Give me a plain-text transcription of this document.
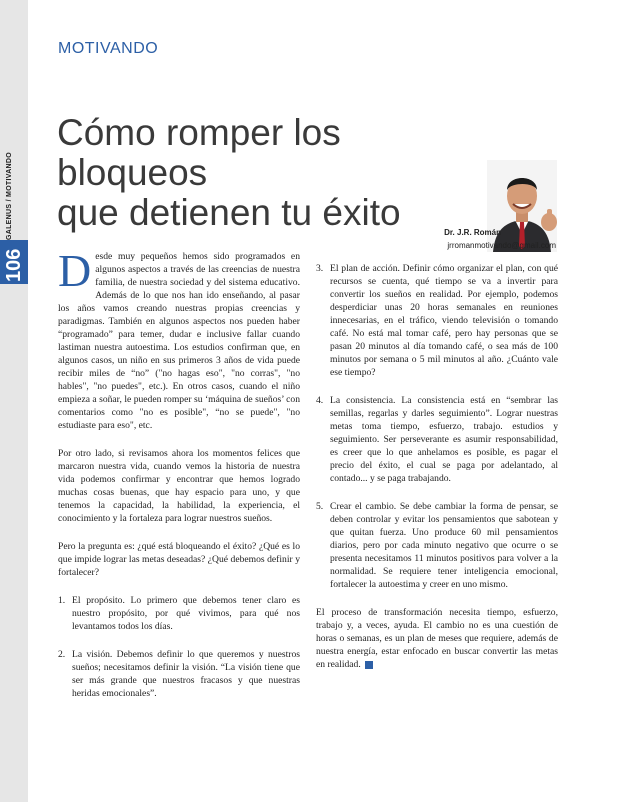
GALENUS / MOTIVANDO
106
MOTIVANDO
Cómo romper los bloqueos
que detienen tu éxito	Dr. J.R. Román
jrromanmotivando@gmail.com

Desde muy pequeños hemos sido programados en algunos aspectos a través de las creencias de nuestra familia, de nuestra sociedad y del sistema educativo. Además de lo que nos han ido enseñando, al pasar los años vamos creando nuestras propias creencias y paradigmas. También en algunos aspectos nos pueden haber “programado” para temer, dudar e inclusive fallar cuando lastiman nuestra autoestima. Los estudios confirman que, en algunos casos, un niño en sus primeros 3 años de vida puede recibir miles de “no” ("no hagas eso", "no corras", "no hables", "no puedes", etc.). En otros casos, cuando el niño empieza a soñar, le pueden romper su ‘máquina de sueños’ con comentarios como "no es posible", “no se puede", "no estudiaste para eso", etc.

Por otro lado, si revisamos ahora los momentos felices que marcaron nuestra vida, cuando vemos la historia de nuestra vida podemos confirmar y encontrar que hemos logrado muchas cosas buenas, que hay espacio para uno, y que tenemos la capacidad, la habilidad, la experiencia, el conocimiento y la fortaleza para lograr nuestros sueños.

Pero la pregunta es: ¿qué está bloqueando el éxito? ¿Qué es lo que impide lograr las metas deseadas? ¿Qué debemos definir y fortalecer?

1. El propósito. Lo primero que debemos tener claro es nuestro propósito, por qué vivimos, para qué nos levantamos todos los días.
2. La visión. Debemos definir lo que queremos y nuestros sueños; necesitamos definir la visión. “La visión tiene que ser más grande que nuestros fracasos y que nuestras heridas emocionales”.
3. El plan de acción. Definir cómo organizar el plan, con qué recursos se cuenta, qué tiempo se va a invertir para convertir los sueños en realidad. Por ejemplo, podemos desperdiciar unas 20 horas semanales en reuniones innecesarias, en el tráfico, viendo televisión o tomando café. No está mal tomar café, pero hay personas que se pasan 20 minutos al día tomando café, o sea más de 100 minutos por semana o 5 mil minutos al año. ¿Cuánto vale ese tiempo?
4. La consistencia. La consistencia está en “sembrar las semillas, regarlas y darles seguimiento”. Lograr nuestras metas toma tiempo, esfuerzo, trabajo. estudios y seguimiento. Ser perseverante es asumir responsabilidad, es creer que lo que anhelamos es posible, es pagar el precio del éxito, el cual se paga por adelantado, al contado... y se paga trabajando.
5. Crear el cambio. Se debe cambiar la forma de pensar, se deben controlar y evitar los pensamientos que sabotean y que quitan fuerza. Uno produce 60 mil pensamientos diarios, pero por cada minuto negativo que ocurre o se presenta necesitamos 11 minutos positivos para volver a la normalidad. Se requiere tener inteligencia emocional, fortalecer la autoestima y creer en uno mismo.

El proceso de transformación necesita tiempo, esfuerzo, trabajo y, a veces, ayuda. El cambio no es una cuestión de horas o semanas, es un plan de meses que requiere, además de nuestra energía, estar enfocado en buscar convertir las metas en realidad.
